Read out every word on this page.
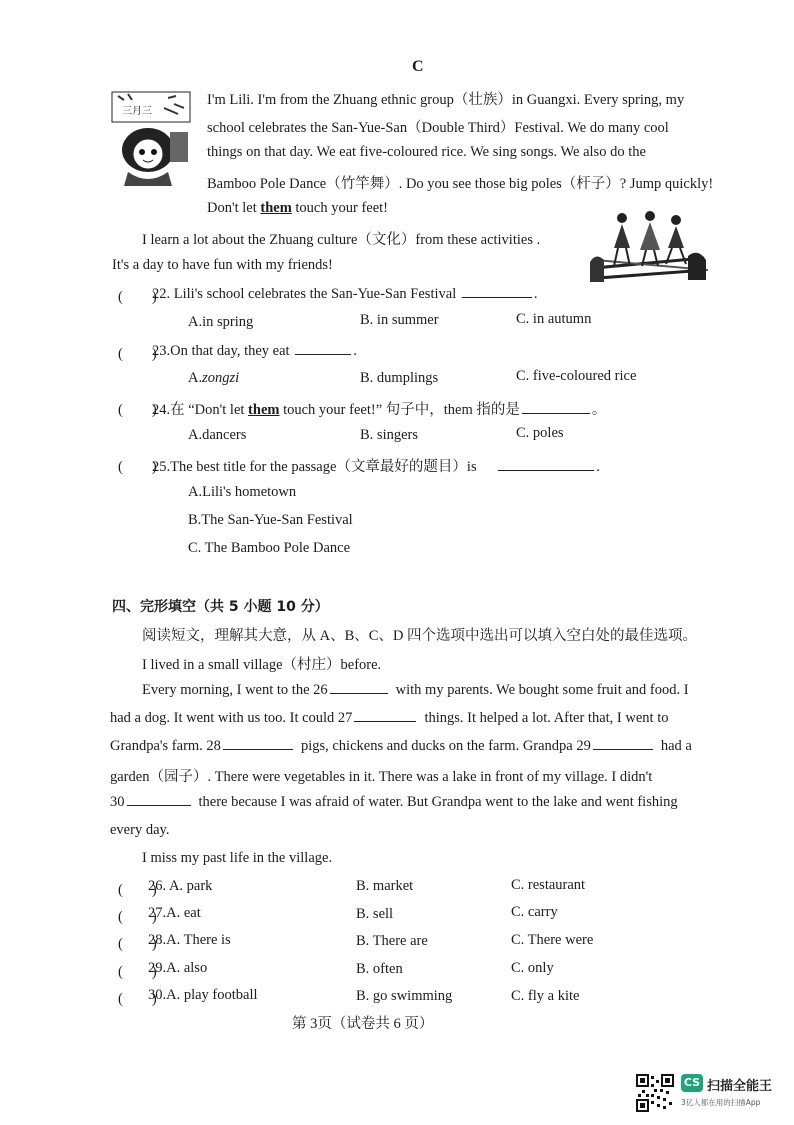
C
三月三
I'm Lili. I'm from the Zhuang ethnic group（壮族）in Guangxi. Every spring, my
school celebrates the San-Yue-San（Double Third）Festival. We do many cool
things on that day. We eat five-coloured rice. We sing songs. We also do the
Bamboo Pole Dance（竹竿舞）. Do you see those big poles（杆子）? Jump quickly!
Don't let them touch your feet!
I learn a lot about the Zhuang culture（文化）from these activities .
It's a day to have fun with my friends!
(　　)
22. Lili's school celebrates the San-Yue-San Festival	.
A.in spring	B. in summer	C. in autumn
(　　)
23.On that day, they eat	.
A.zongzi	B. dumplings	C. five-coloured rice
(　　)
24.在 “Don't let them touch your feet!” 句子中，them 指的是	。
A.dancers	B. singers	C. poles
(　　)
25.The best title for the passage（文章最好的题目）is	.
A.Lili's hometown
B.The San-Yue-San Festival
C. The Bamboo Pole Dance
四、完形填空（共 5 小题 10 分）
阅读短文，理解其大意，从 A、B、C、D 四个选项中选出可以填入空白处的最佳选项。
I lived in a small village（村庄）before.
Every morning, I went to the 26	with my parents. We bought some fruit and food. I
had a dog. It went with us too. It could 27	things. It helped a lot. After that, I went to
Grandpa's farm. 28	pigs, chickens and ducks on the farm. Grandpa 29	had a
garden（园子）. There were vegetables in it. There was a lake in front of my village. I didn't
30	there because I was afraid of water. But Grandpa went to the lake and went fishing
every day.
I miss my past life in the village.
(　　)
26. A. park	B. market	C. restaurant
(　　)
27.A. eat	B. sell	C. carry
(　　)
28.A. There is	B. There are	C. There were
(　　)
29.A. also	B. often	C. only
(　　)
30.A. play football	B. go swimming	C. fly a kite
第 3页（试卷共 6 页）
CS 扫描全能王
3亿人都在用的扫描App
